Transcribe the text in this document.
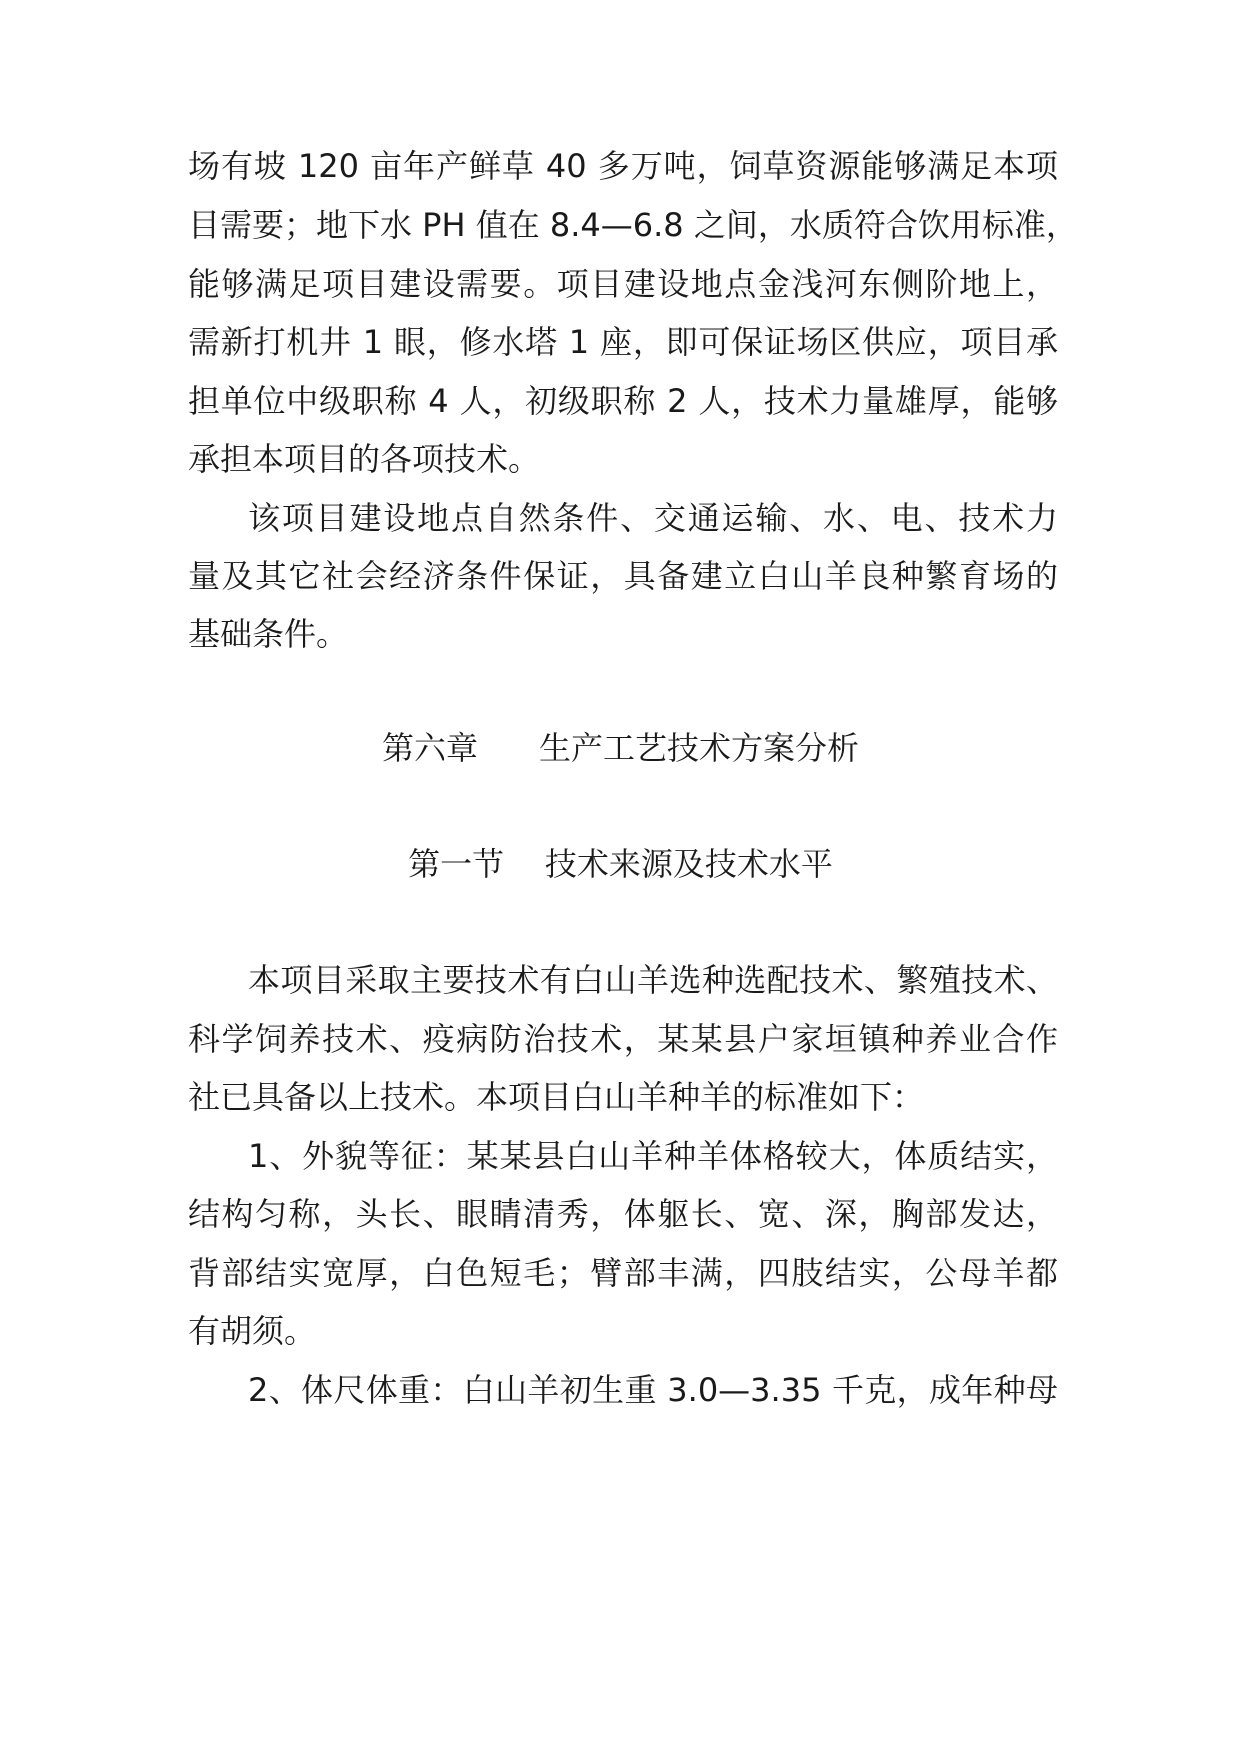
场有坡 120 亩年产鲜草 40 多万吨，饲草资源能够满足本项
目需要；地下水 PH 值在 8.4—6.8 之间，水质符合饮用标准，
能够满足项目建设需要。项目建设地点金浅河东侧阶地上，
需新打机井 1 眼，修水塔 1 座，即可保证场区供应，项目承
担单位中级职称 4 人，初级职称 2 人，技术力量雄厚，能够
承担本项目的各项技术。
该项目建设地点自然条件、交通运输、水、电、技术力
量及其它社会经济条件保证，具备建立白山羊良种繁育场的
基础条件。
第六章      生产工艺技术方案分析
第一节    技术来源及技术水平
本项目采取主要技术有白山羊选种选配技术、繁殖技术、
科学饲养技术、疫病防治技术，某某县户家垣镇种养业合作
社已具备以上技术。本项目白山羊种羊的标准如下：
1、外貌等征：某某县白山羊种羊体格较大，体质结实，
结构匀称，头长、眼睛清秀，体躯长、宽、深，胸部发达，
背部结实宽厚，白色短毛；臂部丰满，四肢结实，公母羊都
有胡须。
2、体尺体重：白山羊初生重 3.0—3.35 千克，成年种母
